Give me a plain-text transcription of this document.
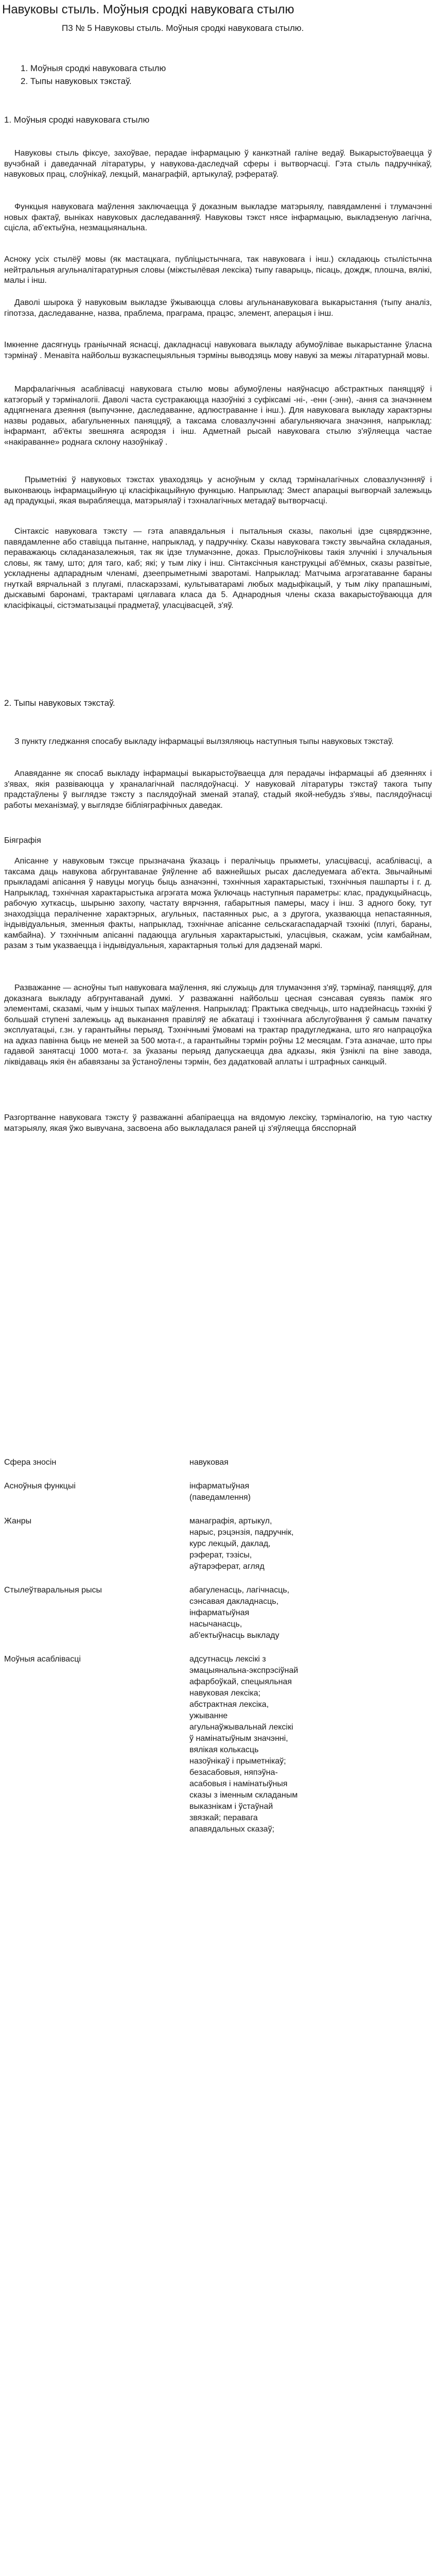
Навуковы стыль. Моўныя сродкі навуковага стылю
П3 № 5 Навуковы стыль. Моўныя сродкі навуковага стылю.
1. Моўныя сродкі навуковага стылю
2. Тыпы навуковых тэкстаў.
1. Моўныя сродкі навуковага стылю

Навуковы стыль фіксуе, захоўвае, перадае інфармацыю ў канкэтнай галіне ведаў. Выкарыстоўваецца ў вучэбнай і даведачнай літаратуры, у навукова-даследчай сферы і вытворчасці. Гэта стыль падручнікаў, навуковых прац, слоўнікаў, лекцый, манаграфій, артыкулаў, рэфератаў.

Функцыя навуковага маўлення заключаецца ў доказным выкладзе матэрыялу, павядамленні і тлумачэнні новых фактаў, выніках навуковых даследаванняў. Навуковы тэкст нясе інфармацыю, выкладзеную лагічна, сцісла, аб'ектыўна, незмацыянальна.

Асноку усіх стылёў мовы (як мастацкага, публіцыстычнага, так навуковага і інш.) складаюць стылістычна нейтральныя агульналітаратурныя словы (міжстылёвая лексіка) тыпу гаварыць, пісаць, дождж, плошча, вялікі, малы і інш.

Даволі шырока ў навуковым выкладзе ўжываюцца словы агульнанавуковага выкарыстання (тыпу аналіз, гіпотэза, даследаванне, назва, праблема, праграма, працэс, элемент, аперацыя і інш.

Імкненне дасягнуць граніычнай яснасці, дакладнасці навуковага выкладу абумоўлівае выкарыстанне ўласна тэрмінаў . Менавіта найбольш вузкаспецыяльныя тэрміны выводзяць мову навукі за межы літаратурнай мовы.

Марфалагічныя асаблівасці навуковага стылю мовы абумоўлены наяўнасцю абстрактных паняццяў і катэгорый у тэрміналогіі. Даволі часта сустракаюцца назоўнікі з суфіксамі -ні-, -енн (-энн), -ання са значэннем адцягненага дзеяння (выпучэнне, даследаванне, адлюстраванне і інш.). Для навуковага выкладу характэрны назвы родавых, абагульненных паняццяў, а таксама словазлучэнні абагульняючага значэння, напрыклад: інфармант, аб'ёкты звешняга асяродзя і інш. Адметнай рысай навуковага стылю з'яўляецца частае «накіраванне» роднага склону назоўнікаў .

Прыметнікі ў навуковых тэкстах уваходзяць у асноўным у склад тэрміналагічных словазлучэнняў і выконваюць інфармацыйную ці класіфікацыйную функцыю. Напрыклад: Змест апарацыі выгворчай залежыць ад прадукцыі, якая вырабляецца, матэрыялаў і тэхналагічных метадаў вытворчасці.

Сінтаксіс навуковага тэксту — гэта апавядальныя і пытальныя сказы, пакольні ідзе сцвярджэнне, павядамленне або ставіцца пытанне, напрыклад, у падручніку. Сказы навуковага тэксту звычайна складаныя, пераважаюць складаназалежныя, так як ідзе тлумачэнне, доказ. Прыслоўніковы такія злучнікі і злучальныя словы, як таму, што; для таго, каб; які; у тым ліку і інш. Сінтаксічныя канструкцыі аб'ёмных, сказы развітые, ускладнены адпарадным членамі, дзеепрыметнымі зваротамі. Напрыклад: Матчыма агрэгатаванне бараны гнуткай вярчальнай з плугамі, пласкарэзамі, культыватарамі любых мадыфікацый, у тым ліку прапашнымі, дыскавымі баронамі, трактарамі цяглавага класа да 5. Аднародныя члены сказа вакарыстоўваюцца для класіфікацыі, сістэматызацыі прадметаў, уласцівасцей, з'яў.

2. Тыпы навуковых тэкстаў.

З пункту гледжання спосабу выкладу інфармацыі вылзяляюць наступныя тыпы навуковых тэкстаў.

Апавяданне як спосаб выкладу інфармацыі выкарыстоўваецца для перадачы інфармацыі аб дзеяннях і з'явах, якія развіваюцца у храналагічнай паслядоўнасці. У навуковай літаратуры тэкстаў такога тыпу прадстаўлены ў выглядзе тэксту з паслядоўнай зменай этапаў, стадый якой-небудзь з'явы, паслядоўнасці работы механізмаў, у выглядзе бібліяграфічных даведак.

Біяграфія

Апісанне у навуковым тэксце прызначана ўказаць і пералічыць прыкметы, уласцівасці, асаблівасці, а таксама даць навукова абгрунтаванае ўяўленне аб важнейшых рысах даследуемага аб'екта. Звычайнымі прыкладамі апісання ў навуцы могуць быць азначэнні, тэхнічныя характарыстыкі, тэхнічныя пашпарты і г. д. Напрыклад, тэхнічная характарыстыка агрэгата можа ўключаць наступныя параметры: клас, прадукцыйнасць, рабочую хуткасць, шырыню захопу, частату вярчэння, габарытныя памеры, масу і інш. З адного боку, тут знаходзіцца пераліченне характэрных, агульных, пастаянных рыс, а з другога, указваюцца непастаянныя, індывідуальныя, зменныя факты, напрыклад, тэхнічнае апісанне сельскагаспадарчай тэхнікі (плугі, бараны, камбайна). У тэхнічным апісанні падаюцца агульныя характарыстыкі, уласцівыя, скажам, усім камбайнам, разам з тым указваецца і індывідуальныя, характарныя толькі для дадзенай маркі.

Разважанне — асноўны тып навуковага маўлення, які служыць для тлумачэння з'яў, тэрмінаў, паняццяў, для доказнага выкладу абгрунтаванай думкі. У разважанні найбольш цесная сэнсавая сувязь паміж яго элементамі, сказамі, чым у іншых тыпах маўлення. Напрыклад: Практыка сведчыць, што надзейнасць тэхнікі ў большай ступені залежыць ад выканання правіляў яе абкатаці і тэхнічнага абслугоўвання ў самым пачатку эксплуатацыі, г.зн. у гарантыйны перыяд. Тэхнічнымі ўмовамі на трактар прадугледжана, што яго напрацоўка на адказ павінна быць не меней за 500 мота-г., а гарантыйны тэрмін роўны 12 месяцам. Гэта азначае, што пры гадавой занятасці 1000 мота-г. за ўказаны перыяд дапускаецца два адказы, якія ўзніклі па віне завода, ліквідаваць якія ён абавязаны за ўстаноўлены тэрмін, без дадатковай аплаты і штрафных санкцый.

Разгортванне навуковага тэксту ў разважанні абапіраецца на вядомую лексіку, тэрміналогію, на тую частку матэрыялу, якая ўжо вывучана, засвоена або выкладалася раней ці з'яўляецца бясспорнай

Сфера зносін	навуковая
Асноўныя функцыі	інфарматыўная
(паведамлення)
Жанры	манаграфія, артыкул,
нарыс, рэцэнзія, падручнік,
курс лекцый, даклад,
рэферат, тэзісы,
аўтарэферат, агляд
Стылеўтваральныя рысы	абагуленасць, лагічнасць,
сэнсавая дакладнасць,
інфарматыўная
насычанасць,
аб'ектыўнасць выкладу
Моўныя асаблівасці	адсутнасць лексікі з
эмацыянальна-экспрэсіўнай
афарбоўкай, спецыяльная
навуковая лексіка;
абстрактная лексіка,
ужыванне
агульнаўжывальнай лексікі
ў намінатыўным значэнні,
вялікая колькасць
назоўнікаў і прыметнікаў;
безасабовыя, няпэўна-
асабовыя і намінатыўныя
сказы з іменным складаным
выказнікам і ўстаўнай
звязкай; перавага
апавядальных сказаў;
